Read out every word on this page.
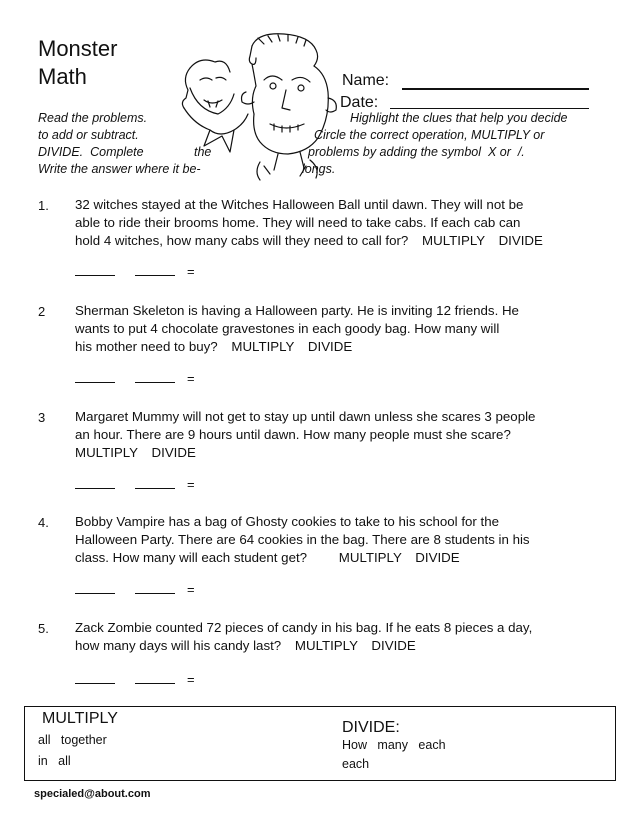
Monster
Math	Name:
Date:
Read the problems.
to add or subtract.
DIVIDE.  Complete	the
Write the answer where it be-
Highlight the clues that help you decide
Circle the correct operation, MULTIPLY or
problems by adding the symbol  X or  /.
longs.
1. 32 witches stayed at the Witches Halloween Ball until dawn. They will not be
able to ride their brooms home. They will need to take cabs. If each cab can
hold 4 witches, how many cabs will they need to call for? MULTIPLY DIVIDE
=
2 Sherman Skeleton is having a Halloween party. He is inviting 12 friends. He
wants to put 4 chocolate gravestones in each goody bag. How many will
his mother need to buy? MULTIPLY DIVIDE
=
3 Margaret Mummy will not get to stay up until dawn unless she scares 3 people
an hour. There are 9 hours until dawn. How many people must she scare?
MULTIPLY DIVIDE
=
4. Bobby Vampire has a bag of Ghosty cookies to take to his school for the
Halloween Party. There are 64 cookies in the bag. There are 8 students in his
class. How many will each student get? MULTIPLY DIVIDE
=
5. Zack Zombie counted 72 pieces of candy in his bag. If he eats 8 pieces a day,
how many days will his candy last? MULTIPLY DIVIDE
=
MULTIPLY
all   together
in   all
DIVIDE:
How   many   each
each
specialed@about.com
